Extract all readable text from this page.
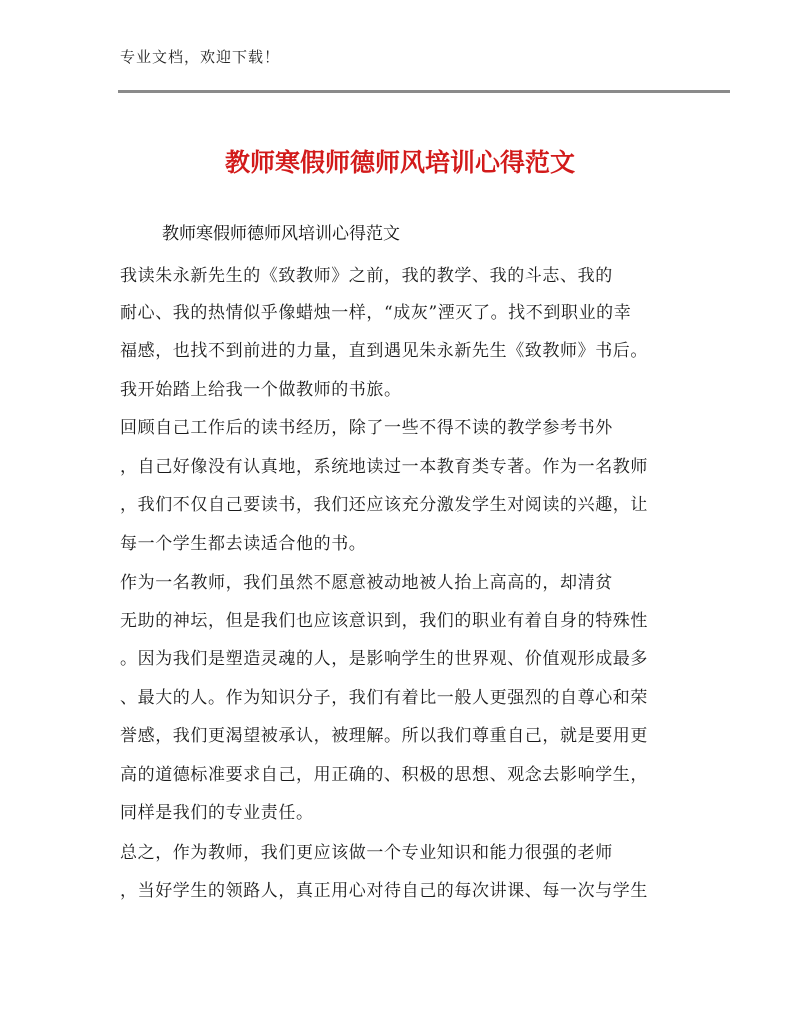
专业文档，欢迎下载！
教师寒假师德师风培训心得范文
教师寒假师德师风培训心得范文
我读朱永新先生的《致教师》之前，我的教学、我的斗志、我的
耐心、我的热情似乎像蜡烛一样，“成灰”湮灭了。找不到职业的幸
福感，也找不到前进的力量，直到遇见朱永新先生《致教师》书后。
我开始踏上给我一个做教师的书旅。
回顾自己工作后的读书经历，除了一些不得不读的教学参考书外
，自己好像没有认真地，系统地读过一本教育类专著。作为一名教师
，我们不仅自己要读书，我们还应该充分激发学生对阅读的兴趣，让
每一个学生都去读适合他的书。
作为一名教师，我们虽然不愿意被动地被人抬上高高的，却清贫
无助的神坛，但是我们也应该意识到，我们的职业有着自身的特殊性
。因为我们是塑造灵魂的人，是影响学生的世界观、价值观形成最多
、最大的人。作为知识分子，我们有着比一般人更强烈的自尊心和荣
誉感，我们更渴望被承认，被理解。所以我们尊重自己，就是要用更
高的道德标准要求自己，用正确的、积极的思想、观念去影响学生，
同样是我们的专业责任。
总之，作为教师，我们更应该做一个专业知识和能力很强的老师
，当好学生的领路人，真正用心对待自己的每次讲课、每一次与学生
